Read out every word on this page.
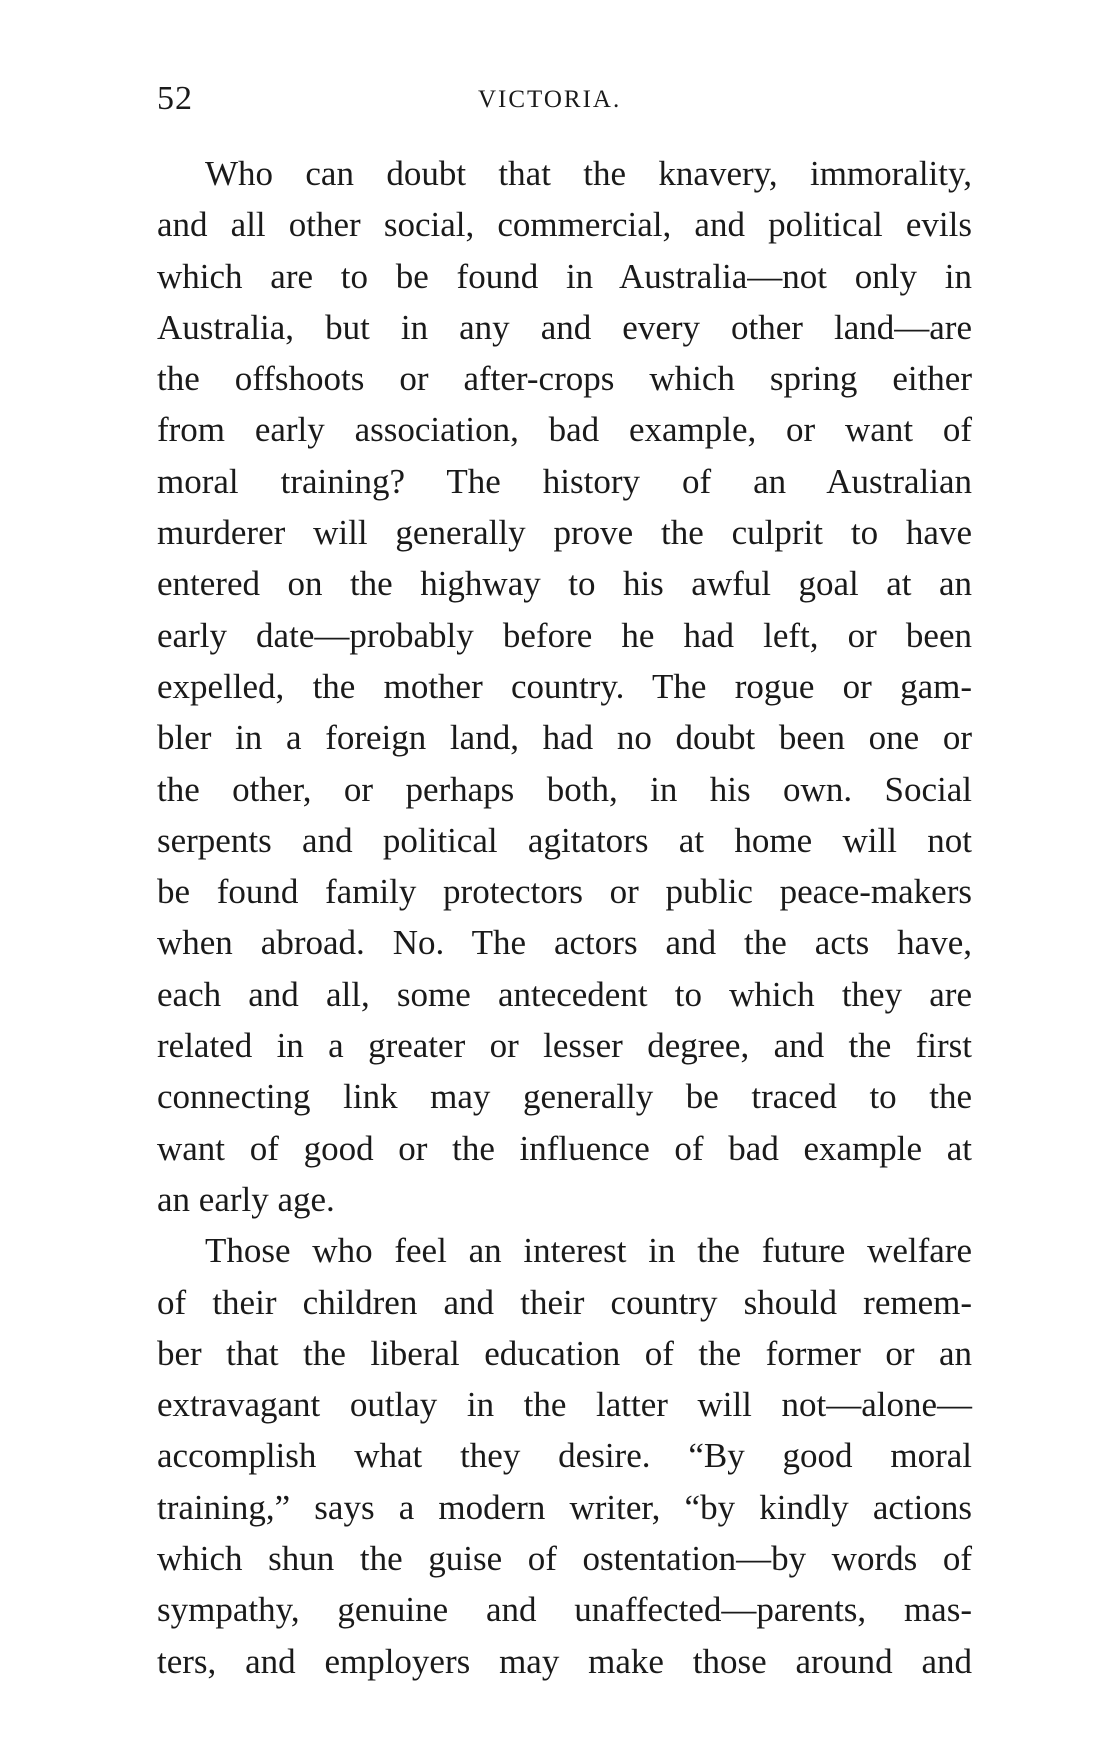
52	VICTORIA.
Who can doubt that the knavery, immorality,
and all other social, commercial, and political evils
which are to be found in Australia—not only in
Australia, but in any and every other land—are
the offshoots or after-crops which spring either
from early association, bad example, or want of
moral training? The history of an Australian
murderer will generally prove the culprit to have
entered on the highway to his awful goal at an
early date—probably before he had left, or been
expelled, the mother country. The rogue or gam-
bler in a foreign land, had no doubt been one or
the other, or perhaps both, in his own. Social
serpents and political agitators at home will not
be found family protectors or public peace-makers
when abroad. No. The actors and the acts have,
each and all, some antecedent to which they are
related in a greater or lesser degree, and the first
connecting link may generally be traced to the
want of good or the influence of bad example at
an early age.
Those who feel an interest in the future welfare
of their children and their country should remem-
ber that the liberal education of the former or an
extravagant outlay in the latter will not—alone—
accomplish what they desire. “By good moral
training,” says a modern writer, “by kindly actions
which shun the guise of ostentation—by words of
sympathy, genuine and unaffected—parents, mas-
ters, and employers may make those around and
